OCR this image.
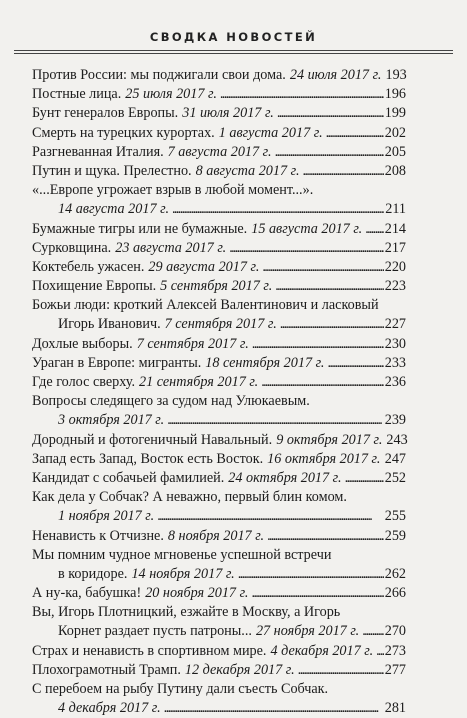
СВОДКА НОВОСТЕЙ
Против России: мы поджигали свои дома. 24 июля 2017 г. 193
Постные лица. 25 июля 2017 г. . . .	196
Бунт генералов Европы. 31 июля 2017 г. . . .	199
Смерть на турецких курортах. 1 августа 2017 г. . . .	202
Разгневанная Италия. 7 августа 2017 г. . . .	205
Путин и щука. Прелестно. 8 августа 2017 г. . . .	208
«...Европе угрожает взрыв в любой момент...».
14 августа 2017 г. . . .	211
Бумажные тигры или не бумажные. 15 августа 2017 г. . . . 214
Сурковщина. 23 августа 2017 г. . . .	217
Коктебель ужасен. 29 августа 2017 г. . . .	220
Похищение Европы. 5 сентября 2017 г. . . .	223
Божьи люди: кроткий Алексей Валентинович и ласковый
Игорь Иванович. 7 сентября 2017 г. . . .	227
Дохлые выборы. 7 сентября 2017 г. . . .	230
Ураган в Европе: мигранты. 18 сентября 2017 г. . . .	233
Где голос сверху. 21 сентября 2017 г. . . .	236
Вопросы следящего за судом над Улюкаевым.
3 октября 2017 г. . . .	239
Дородный и фотогеничный Навальный. 9 октября 2017 г. 243
Запад есть Запад, Восток есть Восток. 16 октября 2017 г. . . . 247
Кандидат с собачьей фамилией. 24 октября 2017 г. . . .	252
Как дела у Собчак? А неважно, первый блин комом.
1 ноября 2017 г. . . .	255
Ненависть к Отчизне. 8 ноября 2017 г. . . .	259
Мы помним чудное мгновенье успешной встречи
в коридоре. 14 ноября 2017 г. . . .	262
А ну-ка, бабушка! 20 ноября 2017 г. . . .	266
Вы, Игорь Плотницкий, езжайте в Москву, а Игорь
Корнет раздает пусть патроны... 27 ноября 2017 г. . . . 270
Страх и ненависть в спортивном мире. 4 декабря 2017 г. . . . 273
Плохограмотный Трамп. 12 декабря 2017 г. . . .	277
С перебоем на рыбу Путину дали съесть Собчак.
4 декабря 2017 г. . . .	281
